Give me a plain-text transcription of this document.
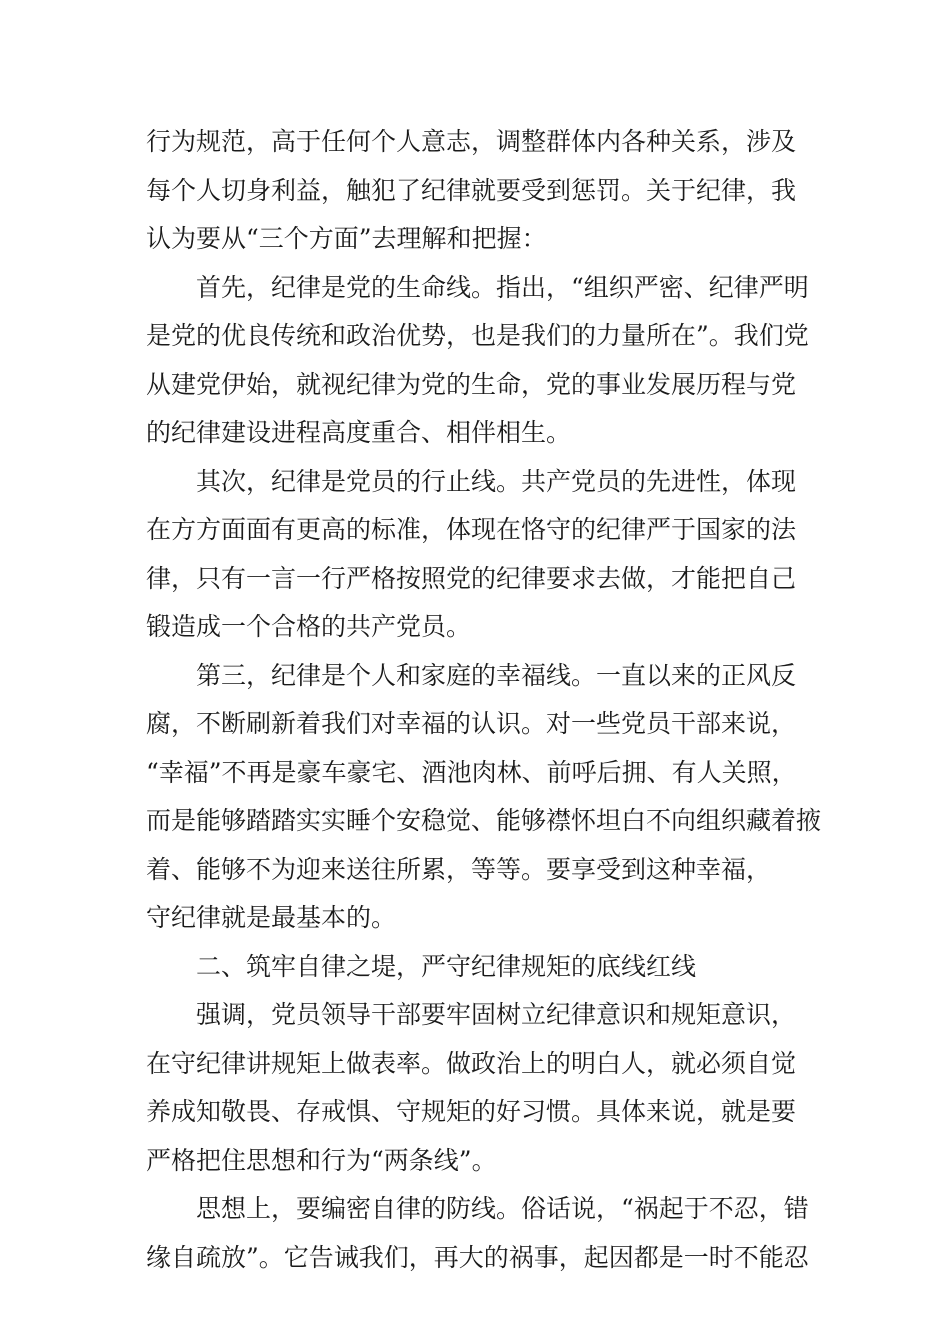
行为规范，高于任何个人意志，调整群体内各种关系，涉及

每个人切身利益，触犯了纪律就要受到惩罚。关于纪律，我

认为要从“三个方面”去理解和把握：

首先，纪律是党的生命线。指出，“组织严密、纪律严明

是党的优良传统和政治优势，也是我们的力量所在”。我们党

从建党伊始，就视纪律为党的生命，党的事业发展历程与党

的纪律建设进程高度重合、相伴相生。

其次，纪律是党员的行止线。共产党员的先进性，体现

在方方面面有更高的标准，体现在恪守的纪律严于国家的法

律，只有一言一行严格按照党的纪律要求去做，才能把自己

锻造成一个合格的共产党员。

第三，纪律是个人和家庭的幸福线。一直以来的正风反

腐，不断刷新着我们对幸福的认识。对一些党员干部来说，

“幸福”不再是豪车豪宅、酒池肉林、前呼后拥、有人关照，

而是能够踏踏实实睡个安稳觉、能够襟怀坦白不向组织藏着掖

着、能够不为迎来送往所累，等等。要享受到这种幸福，

守纪律就是最基本的。

二、筑牢自律之堤，严守纪律规矩的底线红线

强调，党员领导干部要牢固树立纪律意识和规矩意识，

在守纪律讲规矩上做表率。做政治上的明白人，就必须自觉

养成知敬畏、存戒惧、守规矩的好习惯。具体来说，就是要

严格把住思想和行为“两条线”。

思想上，要编密自律的防线。俗话说，“祸起于不忍，错

缘自疏放”。它告诫我们，再大的祸事，起因都是一时不能忍
